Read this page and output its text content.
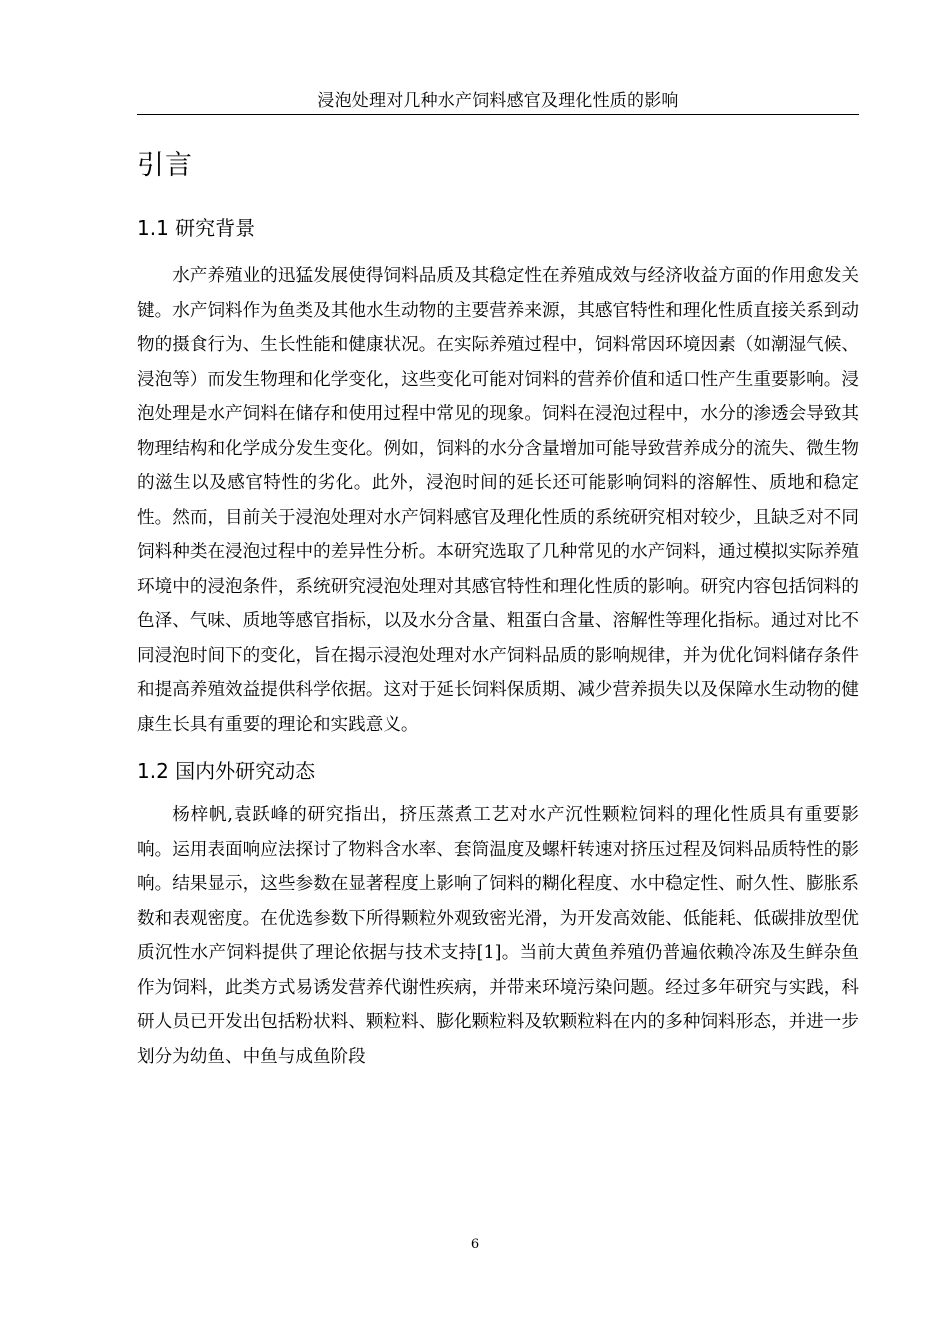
浸泡处理对几种水产饲料感官及理化性质的影响
引言
1.1 研究背景

水产养殖业的迅猛发展使得饲料品质及其稳定性在养殖成效与经济收益方面的作用愈发关键。水产饲料作为鱼类及其他水生动物的主要营养来源，其感官特性和理化性质直接关系到动物的摄食行为、生长性能和健康状况。在实际养殖过程中，饲料常因环境因素（如潮湿气候、浸泡等）而发生物理和化学变化，这些变化可能对饲料的营养价值和适口性产生重要影响。浸泡处理是水产饲料在储存和使用过程中常见的现象。饲料在浸泡过程中，水分的渗透会导致其物理结构和化学成分发生变化。例如，饲料的水分含量增加可能导致营养成分的流失、微生物的滋生以及感官特性的劣化。此外，浸泡时间的延长还可能影响饲料的溶解性、质地和稳定性。然而，目前关于浸泡处理对水产饲料感官及理化性质的系统研究相对较少，且缺乏对不同饲料种类在浸泡过程中的差异性分析。本研究选取了几种常见的水产饲料，通过模拟实际养殖环境中的浸泡条件，系统研究浸泡处理对其感官特性和理化性质的影响。研究内容包括饲料的色泽、气味、质地等感官指标，以及水分含量、粗蛋白含量、溶解性等理化指标。通过对比不同浸泡时间下的变化，旨在揭示浸泡处理对水产饲料品质的影响规律，并为优化饲料储存条件和提高养殖效益提供科学依据。这对于延长饲料保质期、减少营养损失以及保障水生动物的健康生长具有重要的理论和实践意义。

1.2 国内外研究动态

杨梓帆,袁跃峰的研究指出，挤压蒸煮工艺对水产沉性颗粒饲料的理化性质具有重要影响。运用表面响应法探讨了物料含水率、套筒温度及螺杆转速对挤压过程及饲料品质特性的影响。结果显示，这些参数在显著程度上影响了饲料的糊化程度、水中稳定性、耐久性、膨胀系数和表观密度。在优选参数下所得颗粒外观致密光滑，为开发高效能、低能耗、低碳排放型优质沉性水产饲料提供了理论依据与技术支持[1]。当前大黄鱼养殖仍普遍依赖冷冻及生鲜杂鱼作为饲料，此类方式易诱发营养代谢性疾病，并带来环境污染问题。经过多年研究与实践，科研人员已开发出包括粉状料、颗粒料、膨化颗粒料及软颗粒料在内的多种饲料形态，并进一步划分为幼鱼、中鱼与成鱼阶段

6
